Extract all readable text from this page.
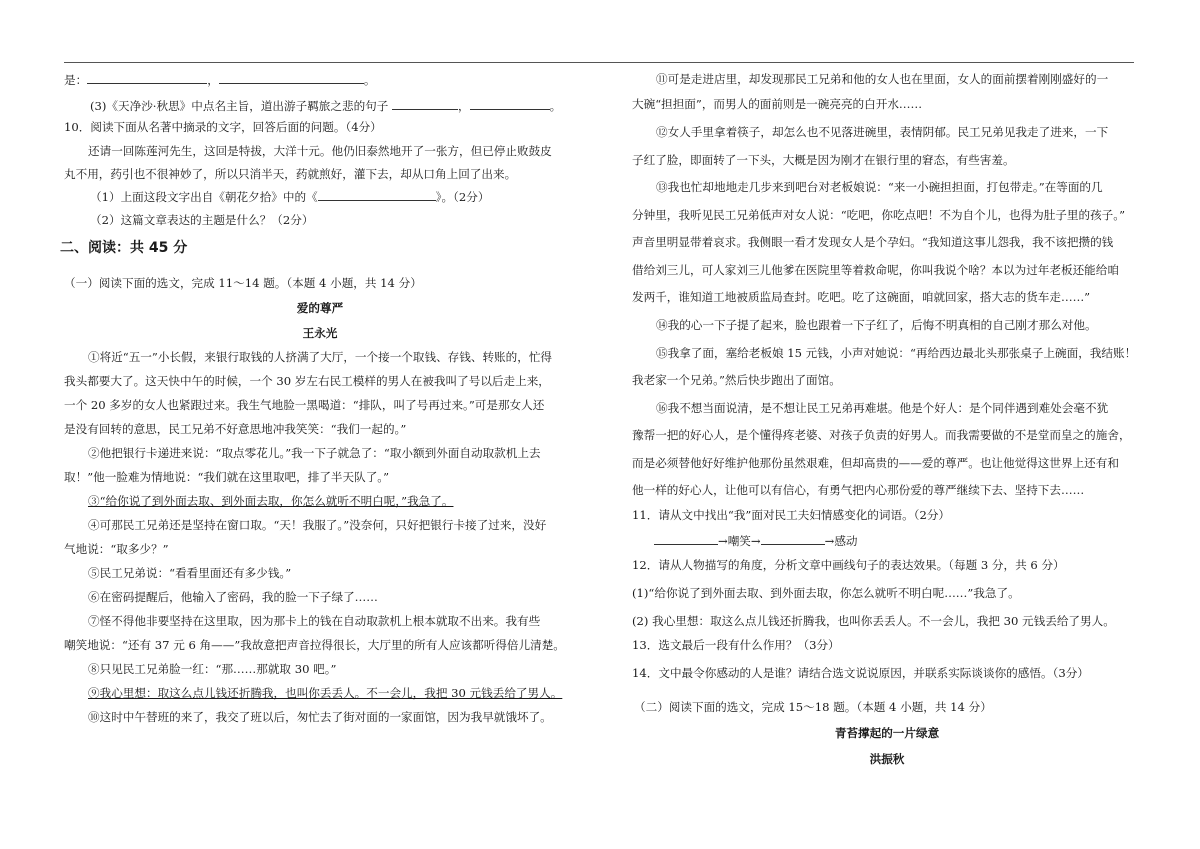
是：	，	。
(3)《天净沙·秋思》中点名主旨，道出游子羁旅之悲的句子	，	。
10．阅读下面从名著中摘录的文字，回答后面的问题。（4分）
还请一回陈莲河先生，这回是特拔，大洋十元。他仍旧泰然地开了一张方，但已停止败鼓皮
丸不用，药引也不很神妙了，所以只消半天，药就煎好，灌下去，却从口角上回了出来。
（1）上面这段文字出自《朝花夕拾》中的《	》。（2分）
（2）这篇文章表达的主题是什么？（2分）
二、阅读：共 45 分
（一）阅读下面的选文，完成 11～14 题。（本题 4 小题，共 14 分）
爱的尊严
王永光
①将近“五一”小长假，来银行取钱的人挤满了大厅，一个接一个取钱、存钱、转账的，忙得
我头都要大了。这天快中午的时候，一个 30 岁左右民工模样的男人在被我叫了号以后走上来，
一个 20 多岁的女人也紧跟过来。我生气地脸一黑喝道：“排队，叫了号再过来。”可是那女人还
是没有回转的意思，民工兄弟不好意思地冲我笑笑：“我们一起的。”
②他把银行卡递进来说：“取点零花儿。”我一下子就急了：“取小额到外面自动取款机上去
取！”他一脸难为情地说：“我们就在这里取吧，排了半天队了。”
③“给你说了到外面去取、到外面去取，你怎么就听不明白呢，”我急了。
④可那民工兄弟还是坚持在窗口取。“天！我服了。”没奈何，只好把银行卡接了过来，没好
气地说：“取多少？”
⑤民工兄弟说：“看看里面还有多少钱。”
⑥在密码提醒后，他输入了密码，我的脸一下子绿了……
⑦怪不得他非要坚持在这里取，因为那卡上的钱在自动取款机上根本就取不出来。我有些
嘲笑地说：“还有 37 元 6 角——”我故意把声音拉得很长，大厅里的所有人应该都听得倍儿清楚。
⑧只见民工兄弟脸一红：“那……那就取 30 吧。”
⑨我心里想：取这么点儿钱还折腾我，也叫你丢丢人。不一会儿，我把 30 元钱丢给了男人。
⑩这时中午替班的来了，我交了班以后，匆忙去了街对面的一家面馆，因为我早就饿坏了。
⑪可是走进店里，却发现那民工兄弟和他的女人也在里面，女人的面前摆着刚刚盛好的一
大碗“担担面”，而男人的面前则是一碗亮亮的白开水……
⑫女人手里拿着筷子，却怎么也不见落进碗里，表情阴郁。民工兄弟见我走了进来，一下
子红了脸，即面转了一下头，大概是因为刚才在银行里的窘态，有些害羞。
⑬我也忙却地地走几步来到吧台对老板娘说：“来一小碗担担面，打包带走。”在等面的几
分钟里，我听见民工兄弟低声对女人说：“吃吧，你吃点吧！不为自个儿，也得为肚子里的孩子。”
声音里明显带着哀求。我侧眼一看才发现女人是个孕妇。“我知道这事儿怨我，我不该把攒的钱
借给刘三儿，可人家刘三儿他爹在医院里等着救命呢，你叫我说个啥？本以为过年老板还能给咱
发两千，谁知道工地被质监局查封。吃吧。吃了这碗面，咱就回家，搭大志的货车走……”
⑭我的心一下子提了起来，脸也跟着一下子红了，后悔不明真相的自己刚才那么对他。
⑮我拿了面，塞给老板娘 15 元钱，小声对她说：“再给西边最北头那张桌子上碗面，我结账！
我老家一个兄弟。”然后快步跑出了面馆。
⑯我不想当面说清，是不想让民工兄弟再难堪。他是个好人：是个同伴遇到难处会毫不犹
豫帮一把的好心人，是个懂得疼老婆、对孩子负责的好男人。而我需要做的不是堂而皇之的施舍，
而是必须替他好好维护他那份虽然艰难，但却高贵的——爱的尊严。也让他觉得这世界上还有和
他一样的好心人，让他可以有信心，有勇气把内心那份爱的尊严继续下去、坚持下去……
11．请从文中找出“我”面对民工夫妇情感变化的词语。（2分）
→嘲笑→	→感动
12．请从人物描写的角度，分析文章中画线句子的表达效果。（每题 3 分，共 6 分）
(1)“给你说了到外面去取、到外面去取，你怎么就听不明白呢……”我急了。
(2) 我心里想：取这么点儿钱还折腾我，也叫你丢丢人。不一会儿，我把 30 元钱丢给了男人。
13．选文最后一段有什么作用？（3分）
14．文中最令你感动的人是谁？请结合选文说说原因，并联系实际谈谈你的感悟。（3分）
（二）阅读下面的选文，完成 15～18 题。（本题 4 小题，共 14 分）
青苔撑起的一片绿意
洪振秋
